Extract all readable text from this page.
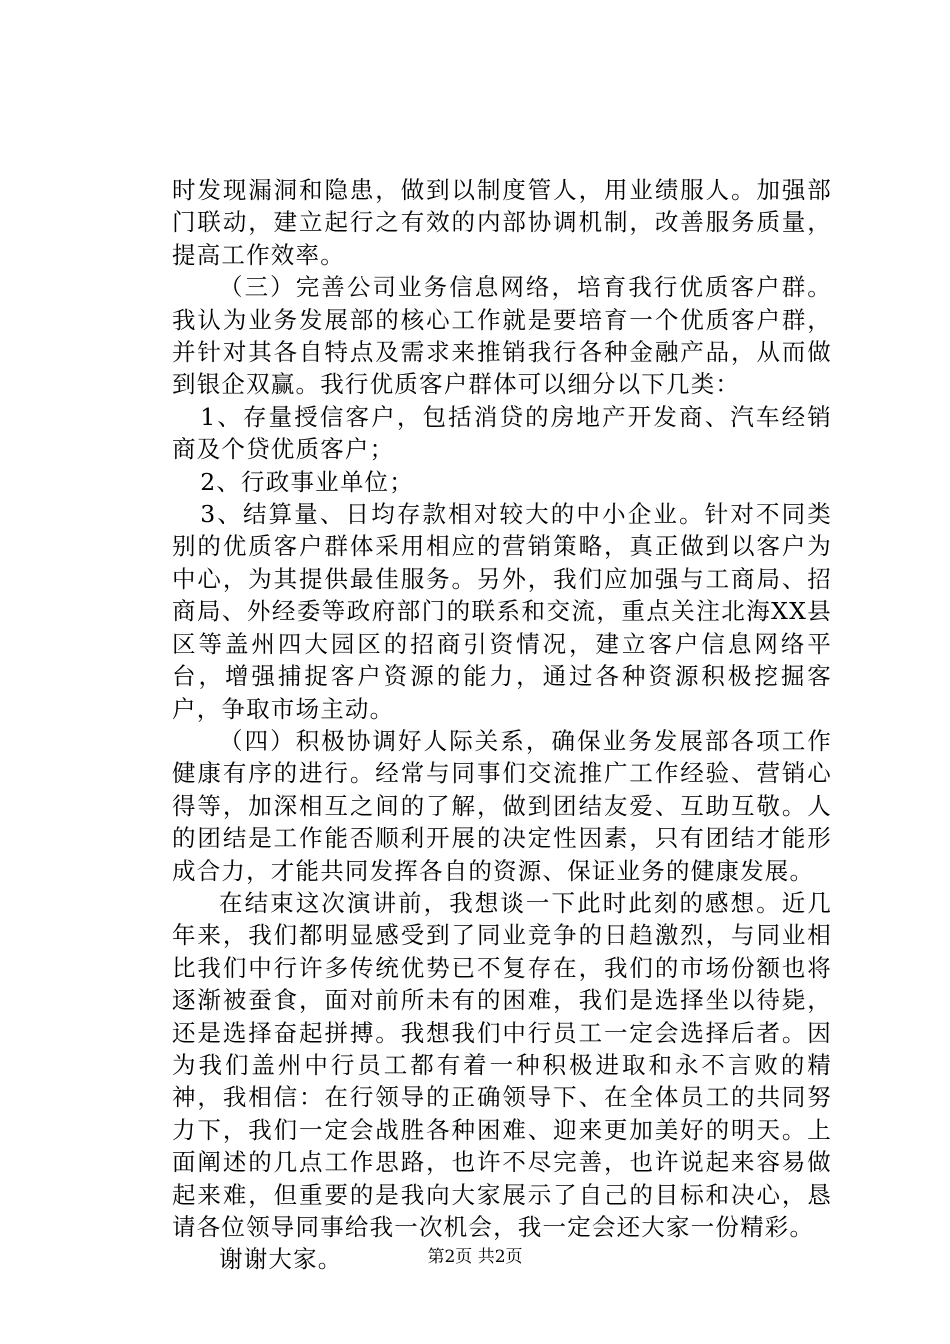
时发现漏洞和隐患，做到以制度管人，用业绩服人。加强部门联动，建立起行之有效的内部协调机制，改善服务质量，提高工作效率。

（三）完善公司业务信息网络，培育我行优质客户群。我认为业务发展部的核心工作就是要培育一个优质客户群，并针对其各自特点及需求来推销我行各种金融产品，从而做到银企双赢。我行优质客户群体可以细分以下几类：

1、存量授信客户，包括消贷的房地产开发商、汽车经销商及个贷优质客户；

2、行政事业单位；

3、结算量、日均存款相对较大的中小企业。针对不同类别的优质客户群体采用相应的营销策略，真正做到以客户为中心，为其提供最佳服务。另外，我们应加强与工商局、招商局、外经委等政府部门的联系和交流，重点关注北海XX县区等盖州四大园区的招商引资情况，建立客户信息网络平台，增强捕捉客户资源的能力，通过各种资源积极挖掘客户，争取市场主动。

（四）积极协调好人际关系，确保业务发展部各项工作健康有序的进行。经常与同事们交流推广工作经验、营销心得等，加深相互之间的了解，做到团结友爱、互助互敬。人的团结是工作能否顺利开展的决定性因素，只有团结才能形成合力，才能共同发挥各自的资源、保证业务的健康发展。

在结束这次演讲前，我想谈一下此时此刻的感想。近几年来，我们都明显感受到了同业竞争的日趋激烈，与同业相比我们中行许多传统优势已不复存在，我们的市场份额也将逐渐被蚕食，面对前所未有的困难，我们是选择坐以待毙，还是选择奋起拼搏。我想我们中行员工一定会选择后者。因为我们盖州中行员工都有着一种积极进取和永不言败的精神，我相信：在行领导的正确领导下、在全体员工的共同努力下，我们一定会战胜各种困难、迎来更加美好的明天。上面阐述的几点工作思路，也许不尽完善，也许说起来容易做起来难，但重要的是我向大家展示了自己的目标和决心，恳请各位领导同事给我一次机会，我一定会还大家一份精彩。

谢谢大家。	第2页 共2页
